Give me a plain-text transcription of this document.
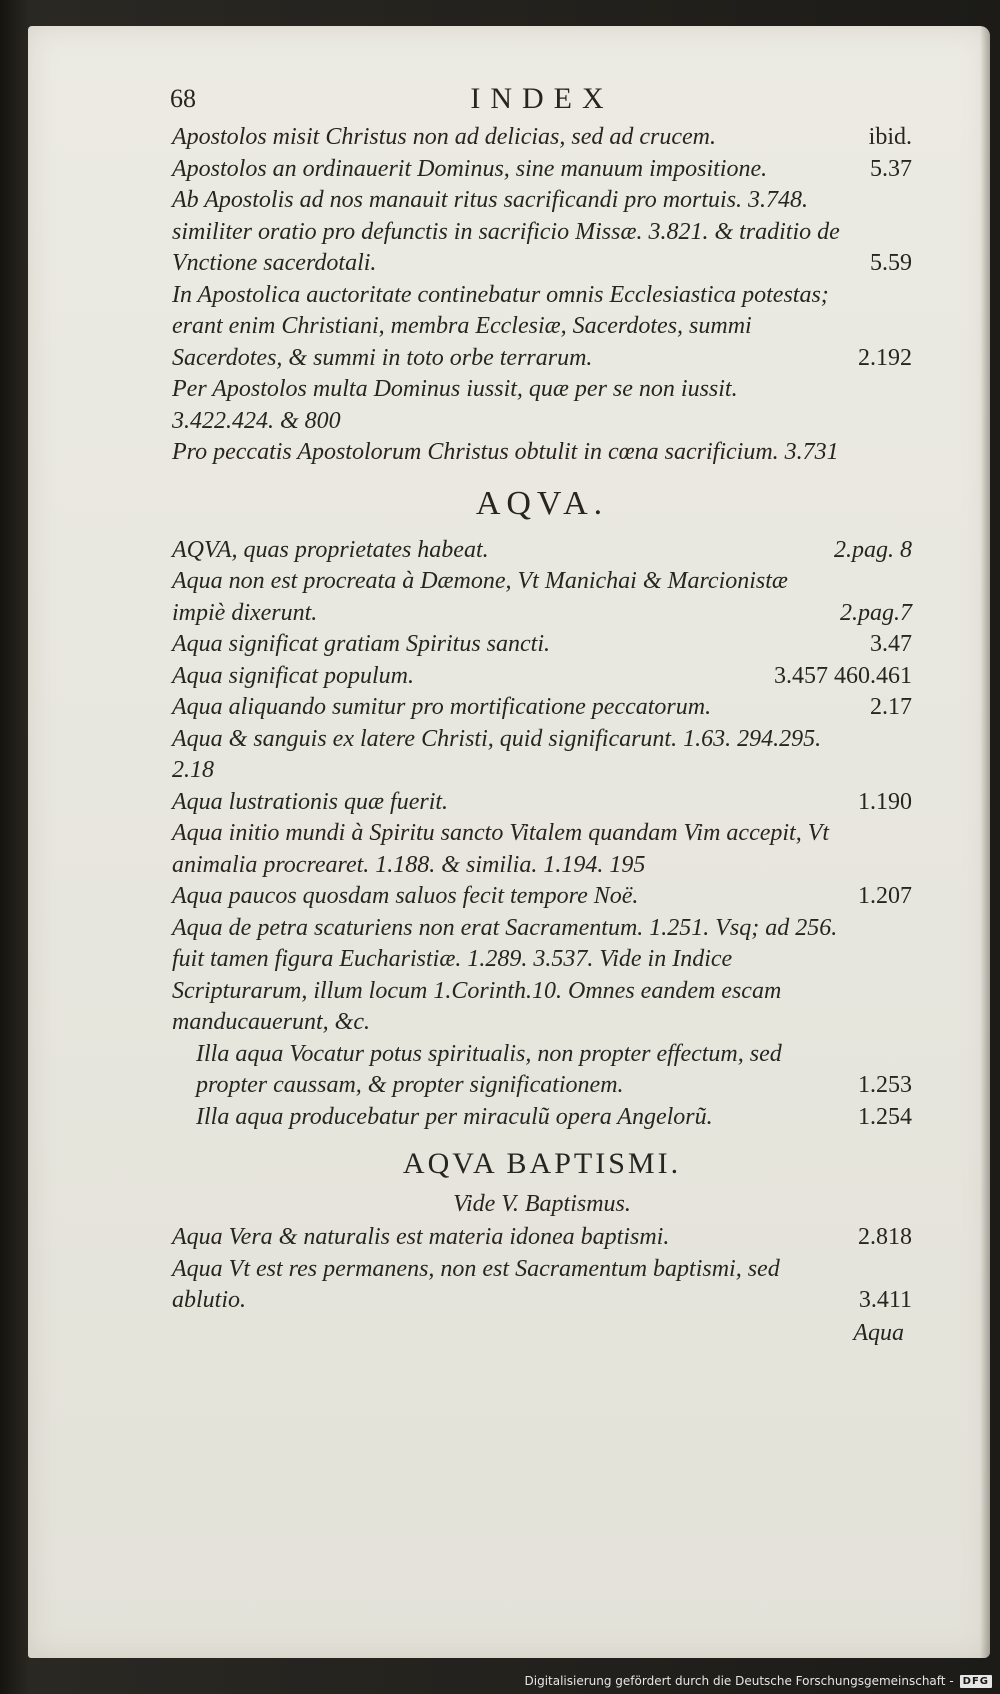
68	INDEX
Apostolos misit Christus non ad delicias, sed ad crucem.	ibid.
Apostolos an ordinauerit Dominus, sine manuum impositione.	5.37
Ab Apostolis ad nos manauit ritus sacrificandi pro mortuis. 3.748. similiter oratio pro defunctis in sacrificio Missæ. 3.821. & traditio de Vnctione sacerdotali.	5.59
In Apostolica auctoritate continebatur omnis Ecclesiastica potestas; erant enim Christiani, membra Ecclesiæ, Sacerdotes, summi Sacerdotes, & summi in toto orbe terrarum.	2.192
Per Apostolos multa Dominus iussit, quæ per se non iussit. 3.422.424. & 800
Pro peccatis Apostolorum Christus obtulit in cœna sacrificium. 3.731
AQVA.
AQVA, quas proprietates habeat.	2.pag. 8
Aqua non est procreata à Dæmone, Vt Manichai & Marcionistæ impiè dixerunt.	2.pag.7
Aqua significat gratiam Spiritus sancti.	3.47
Aqua significat populum.	3.457 460.461
Aqua aliquando sumitur pro mortificatione peccatorum.	2.17
Aqua & sanguis ex latere Christi, quid significarunt. 1.63. 294.295. 2.18
Aqua lustrationis quæ fuerit.	1.190
Aqua initio mundi à Spiritu sancto Vitalem quandam Vim accepit, Vt animalia procrearet. 1.188. & similia. 1.194. 195
Aqua paucos quosdam saluos fecit tempore Noë.	1.207
Aqua de petra scaturiens non erat Sacramentum. 1.251. Vsq; ad 256. fuit tamen figura Eucharistiæ. 1.289. 3.537. Vide in Indice Scripturarum, illum locum 1.Corinth.10. Omnes eandem escam manducauerunt, &c.
Illa aqua Vocatur potus spiritualis, non propter effectum, sed propter caussam, & propter significationem.	1.253
Illa aqua producebatur per miraculũ opera Angelorũ.	1.254
AQVA BAPTISMI.
Vide V. Baptismus.
Aqua Vera & naturalis est materia idonea baptismi.	2.818
Aqua Vt est res permanens, non est Sacramentum baptismi, sed ablutio.	3.411
Aqua
Digitalisierung gefördert durch die Deutsche Forschungsgemeinschaft - DFG
